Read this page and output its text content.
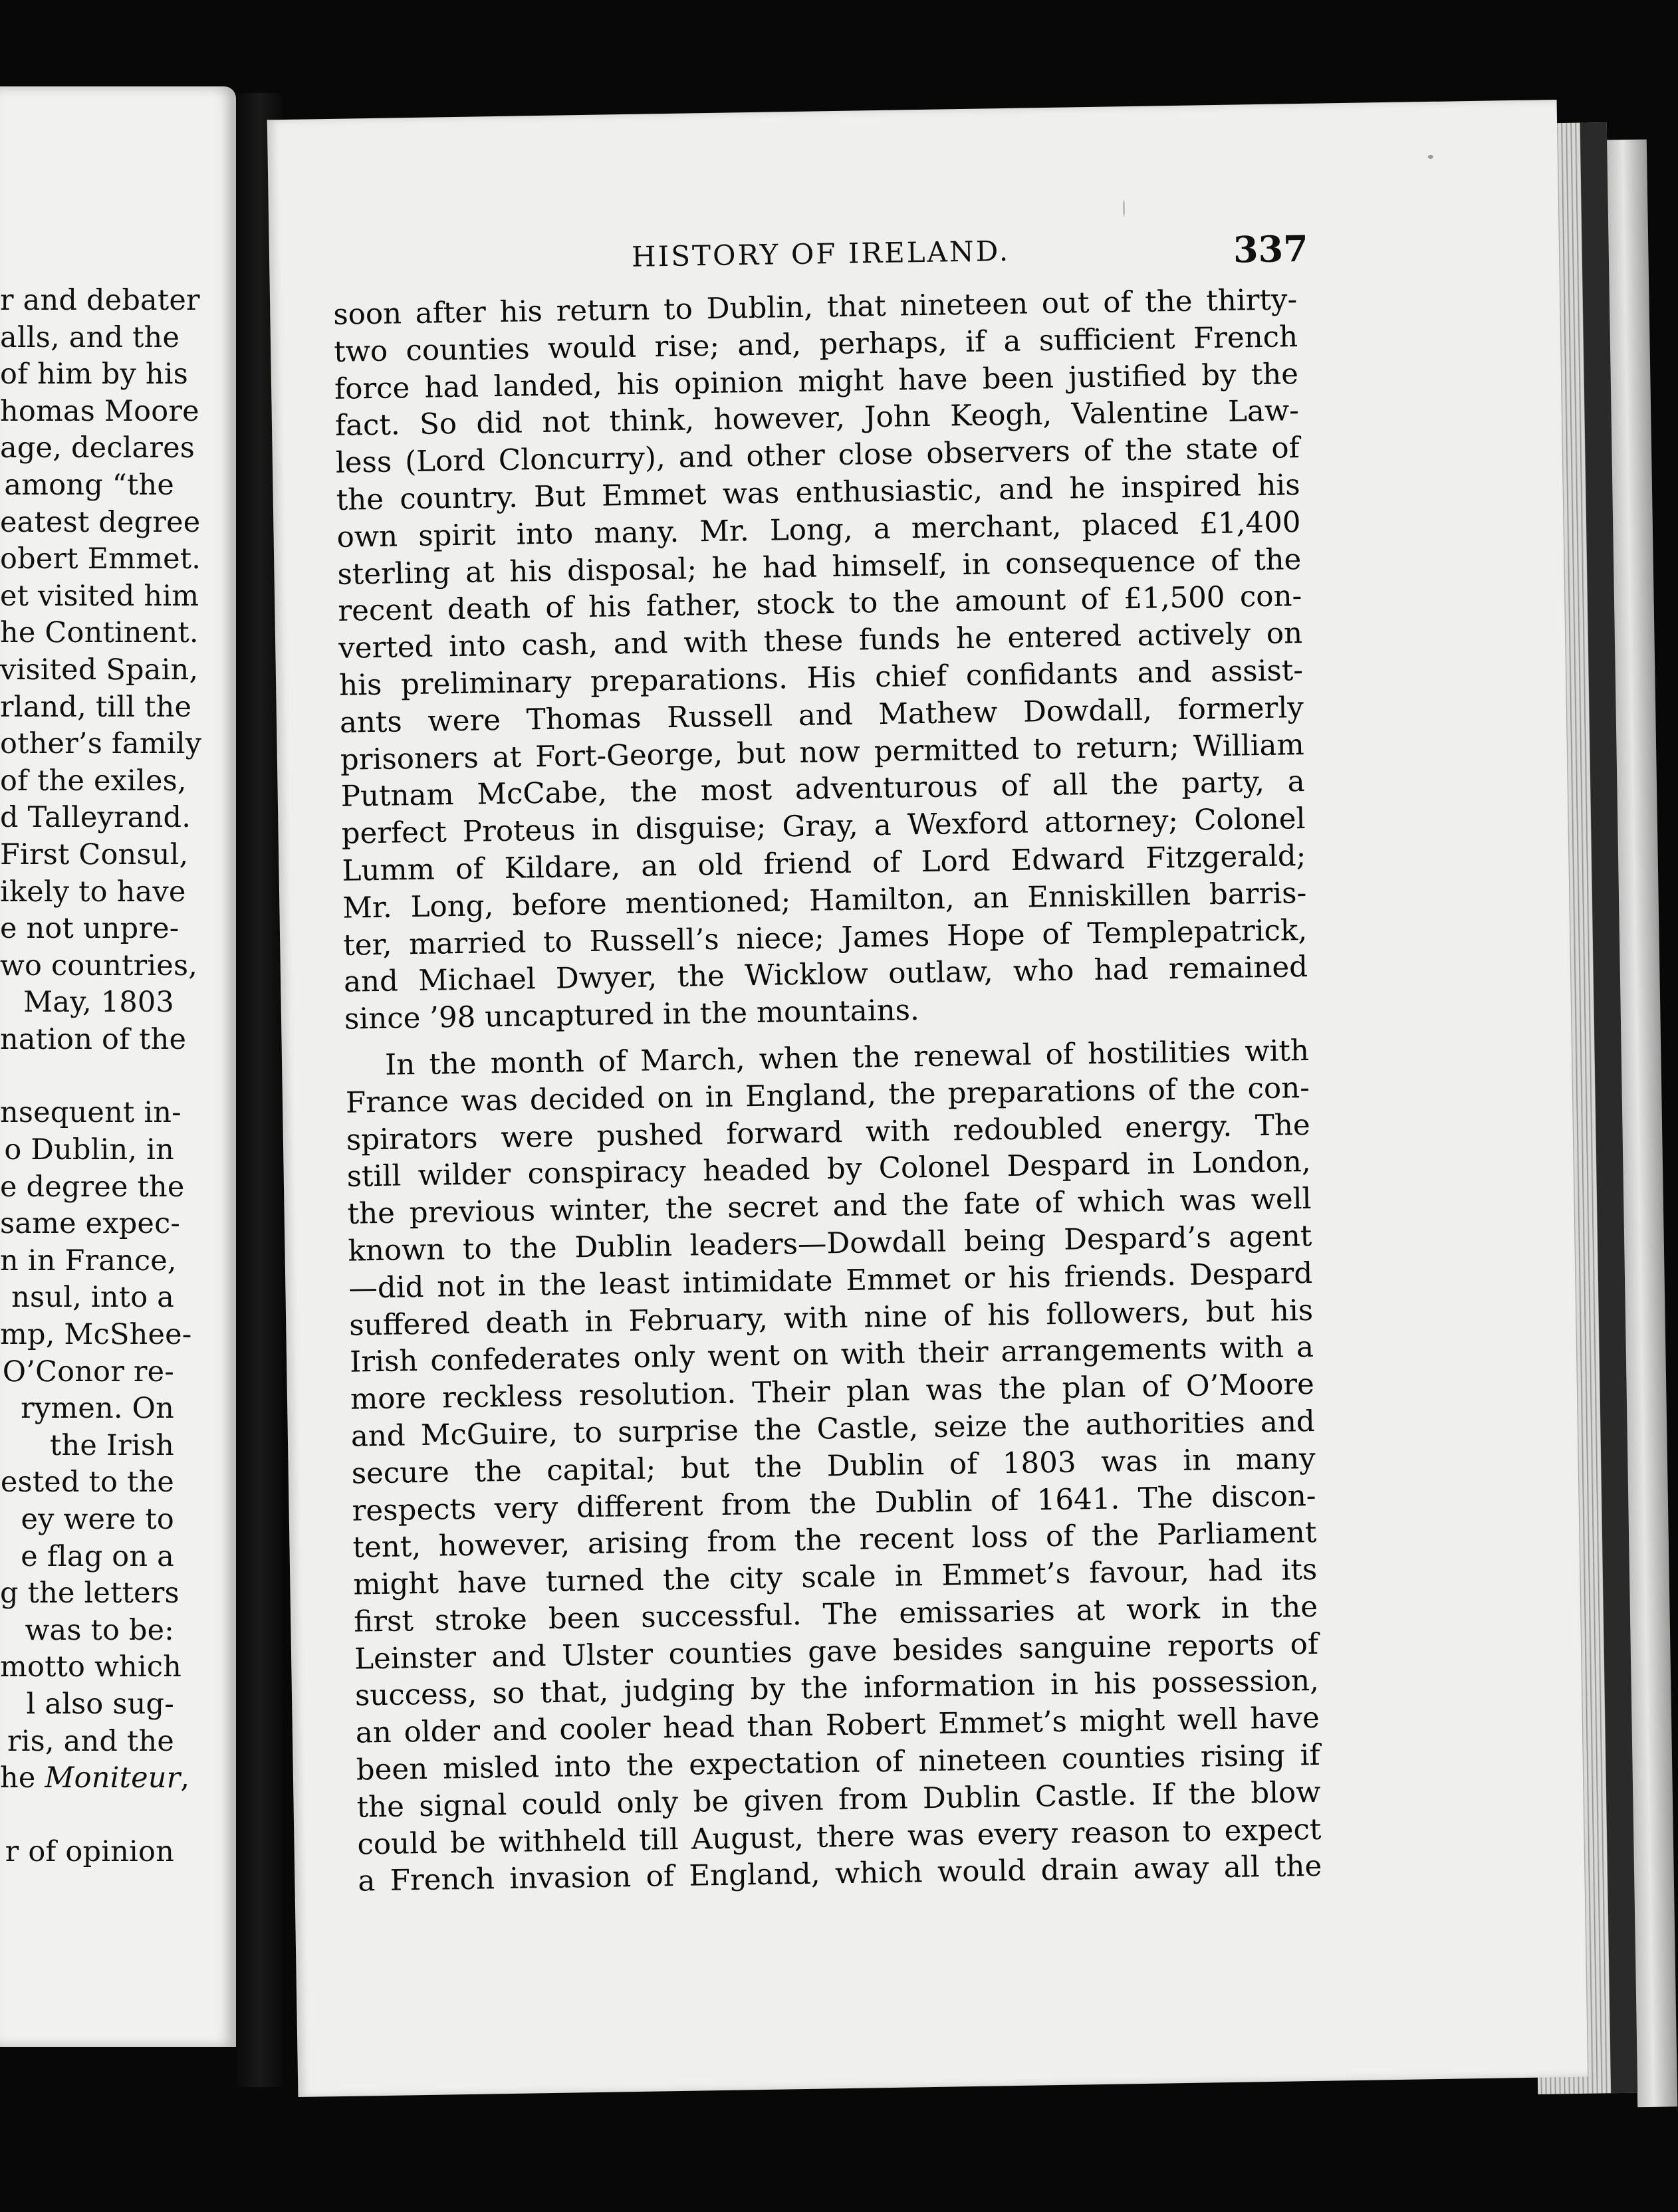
r and debater
alls, and the
of him by his
homas Moore
age, declares
among “the
eatest degree
obert Emmet.
et visited him
he Continent.
visited Spain,
rland, till the
other’s family
of the exiles,
d Talleyrand.
First Consul,
ikely to have
e not unpre-
wo countries,
May, 1803
nation of the
nsequent in-
o Dublin, in
e degree the
same expec-
n in France,
nsul, into a
mp, McShee-
O’Conor re-
rymen. On
the Irish
ested to the
ey were to
e flag on a
g the letters
was to be:
motto which
l also sug-
ris, and the
he Moniteur,
r of opinion
HISTORY OF IRELAND.	337
soon after his return to Dublin, that nineteen out of the thirty-
two counties would rise; and, perhaps, if a sufficient French
force had landed, his opinion might have been justified by the
fact. So did not think, however, John Keogh, Valentine Law-
less (Lord Cloncurry), and other close observers of the state of
the country. But Emmet was enthusiastic, and he inspired his
own spirit into many. Mr. Long, a merchant, placed £1,400
sterling at his disposal; he had himself, in consequence of the
recent death of his father, stock to the amount of £1,500 con-
verted into cash, and with these funds he entered actively on
his preliminary preparations. His chief confidants and assist-
ants were Thomas Russell and Mathew Dowdall, formerly
prisoners at Fort-George, but now permitted to return; William
Putnam McCabe, the most adventurous of all the party, a
perfect Proteus in disguise; Gray, a Wexford attorney; Colonel
Lumm of Kildare, an old friend of Lord Edward Fitzgerald;
Mr. Long, before mentioned; Hamilton, an Enniskillen barris-
ter, married to Russell’s niece; James Hope of Templepatrick,
and Michael Dwyer, the Wicklow outlaw, who had remained
since ’98 uncaptured in the mountains.
In the month of March, when the renewal of hostilities with
France was decided on in England, the preparations of the con-
spirators were pushed forward with redoubled energy. The
still wilder conspiracy headed by Colonel Despard in London,
the previous winter, the secret and the fate of which was well
known to the Dublin leaders—Dowdall being Despard’s agent
—did not in the least intimidate Emmet or his friends. Despard
suffered death in February, with nine of his followers, but his
Irish confederates only went on with their arrangements with a
more reckless resolution. Their plan was the plan of O’Moore
and McGuire, to surprise the Castle, seize the authorities and
secure the capital; but the Dublin of 1803 was in many
respects very different from the Dublin of 1641. The discon-
tent, however, arising from the recent loss of the Parliament
might have turned the city scale in Emmet’s favour, had its
first stroke been successful. The emissaries at work in the
Leinster and Ulster counties gave besides sanguine reports of
success, so that, judging by the information in his possession,
an older and cooler head than Robert Emmet’s might well have
been misled into the expectation of nineteen counties rising if
the signal could only be given from Dublin Castle. If the blow
could be withheld till August, there was every reason to expect
a French invasion of England, which would drain away all the
